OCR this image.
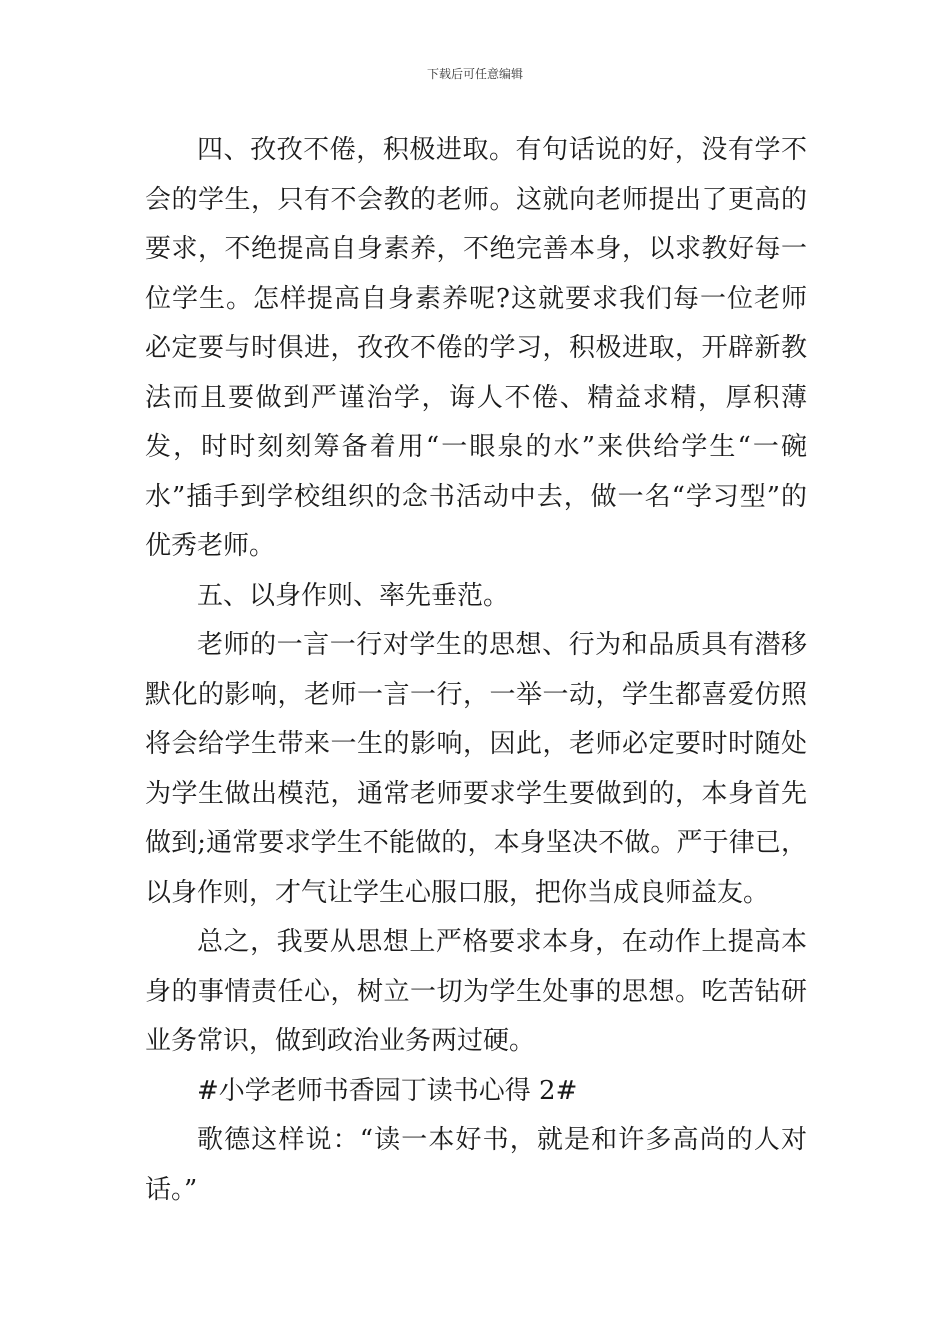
下载后可任意编辑

四、孜孜不倦，积极进取。有句话说的好，没有学不会的学生，只有不会教的老师。这就向老师提出了更高的要求，不绝提高自身素养，不绝完善本身，以求教好每一位学生。怎样提高自身素养呢?这就要求我们每一位老师必定要与时俱进，孜孜不倦的学习，积极进取，开辟新教法而且要做到严谨治学，诲人不倦、精益求精，厚积薄发，时时刻刻筹备着用“一眼泉的水”来供给学生“一碗水”插手到学校组织的念书活动中去，做一名“学习型”的优秀老师。

五、以身作则、率先垂范。

老师的一言一行对学生的思想、行为和品质具有潜移默化的影响，老师一言一行，一举一动，学生都喜爱仿照将会给学生带来一生的影响，因此，老师必定要时时随处为学生做出模范，通常老师要求学生要做到的，本身首先做到;通常要求学生不能做的，本身坚决不做。严于律已，以身作则，才气让学生心服口服，把你当成良师益友。

总之，我要从思想上严格要求本身，在动作上提高本身的事情责任心，树立一切为学生处事的思想。吃苦钻研业务常识，做到政治业务两过硬。

#小学老师书香园丁读书心得 2#

歌德这样说：“读一本好书，就是和许多高尚的人对话。”
